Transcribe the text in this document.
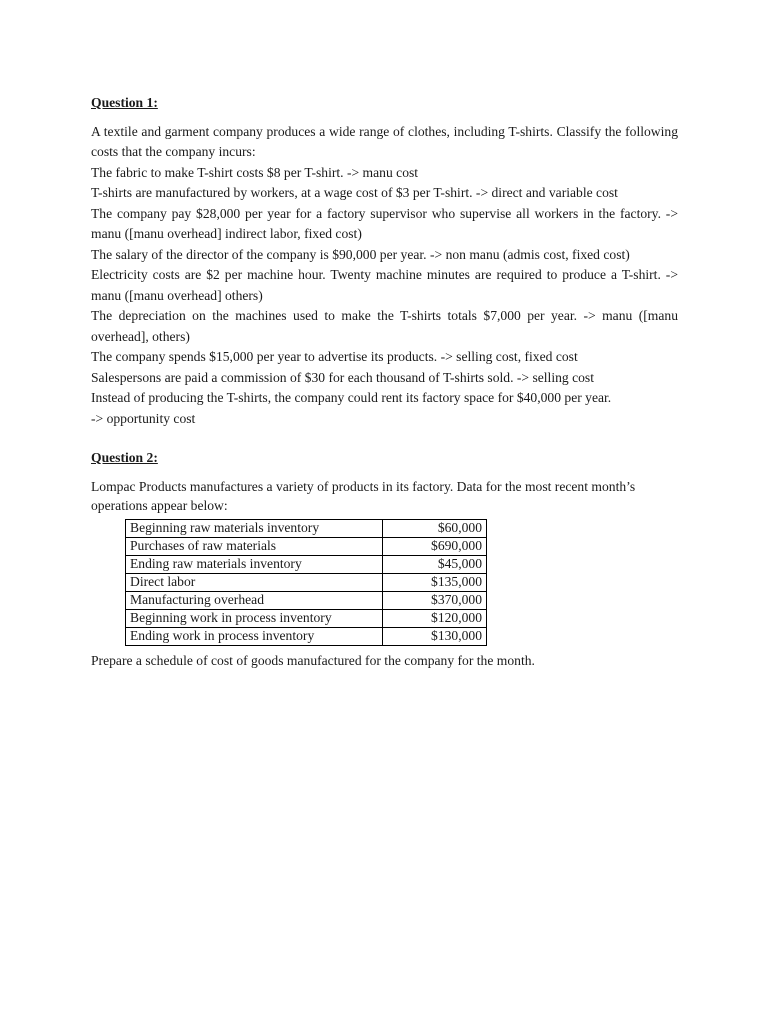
Question 1:

A textile and garment company produces a wide range of clothes, including T-shirts. Classify the following costs that the company incurs:

The fabric to make T-shirt costs $8 per T-shirt. -> manu cost

T-shirts are manufactured by workers, at a wage cost of $3 per T-shirt. -> direct and variable cost

The company pay $28,000 per year for a factory supervisor who supervise all workers in the factory. -> manu ([manu overhead] indirect labor, fixed cost)

The salary of the director of the company is $90,000 per year. -> non manu (admis cost, fixed cost)

Electricity costs are $2 per machine hour. Twenty machine minutes are required to produce a T-shirt. -> manu ([manu overhead] others)

The depreciation on the machines used to make the T-shirts totals $7,000 per year. -> manu ([manu overhead], others)

The company spends $15,000 per year to advertise its products. -> selling cost, fixed cost

Salespersons are paid a commission of $30 for each thousand of T-shirts sold. -> selling cost

Instead of producing the T-shirts, the company could rent its factory space for $40,000 per year.

-> opportunity cost

Question 2:

Lompac Products manufactures a variety of products in its factory. Data for the most recent month’s operations appear below:

Beginning raw materials inventory	$60,000
Purchases of raw materials	$690,000
Ending raw materials inventory	$45,000
Direct labor	$135,000
Manufacturing overhead	$370,000
Beginning work in process inventory	$120,000
Ending work in process inventory	$130,000

Prepare a schedule of cost of goods manufactured for the company for the month.
